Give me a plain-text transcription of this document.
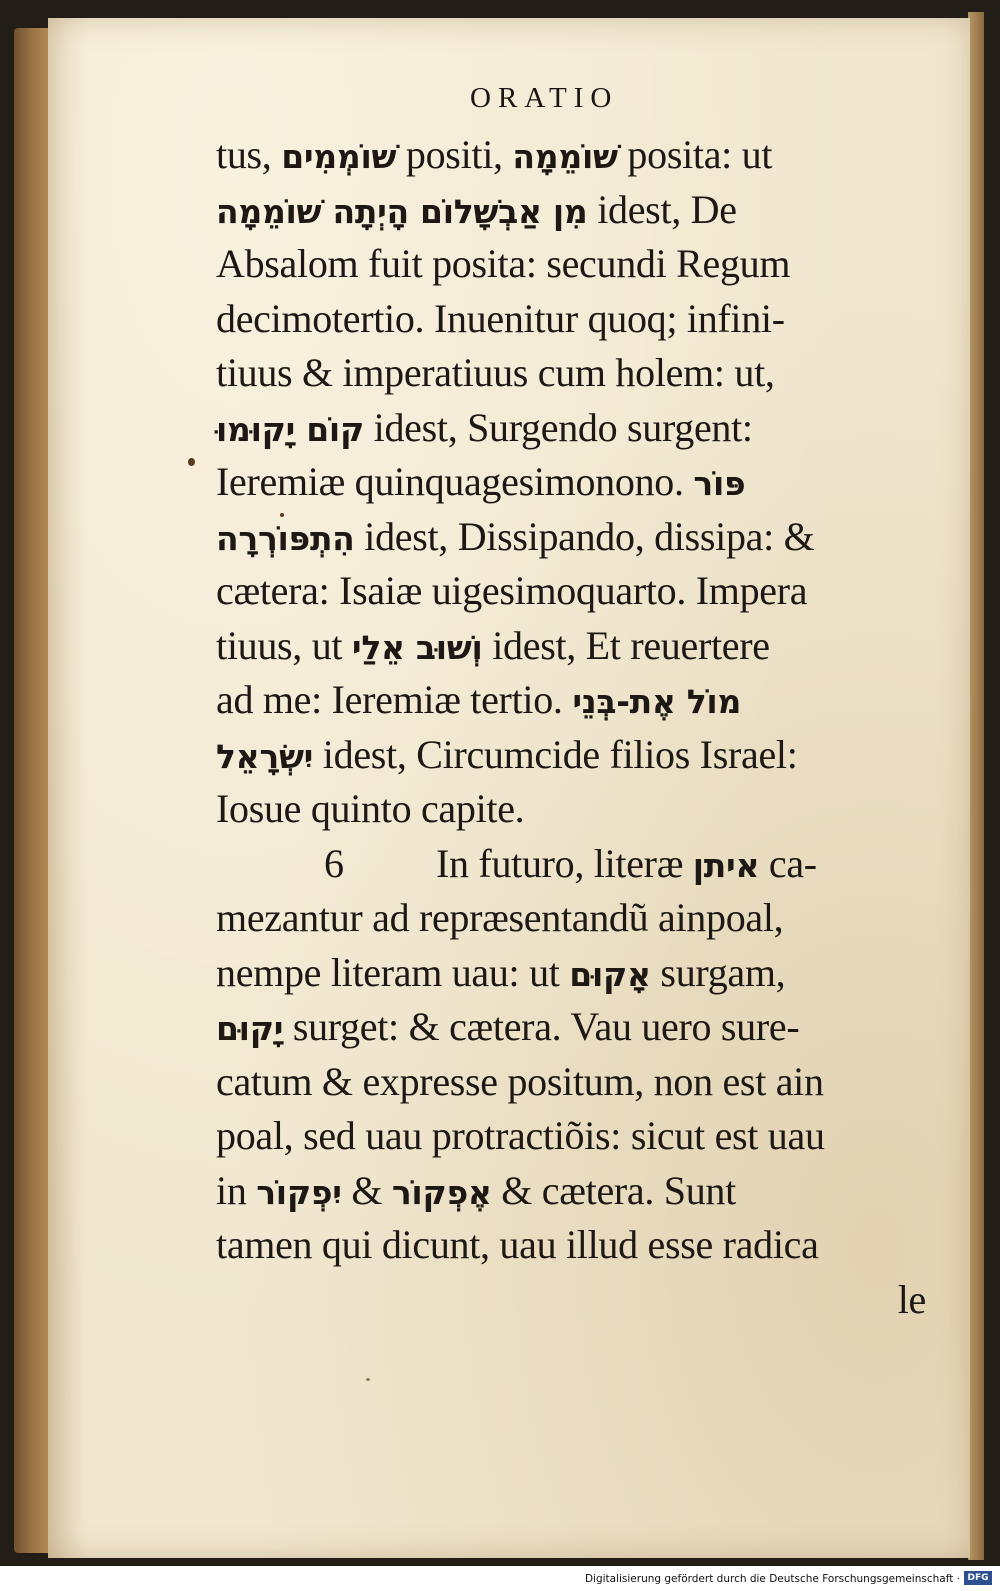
ORATIO
tus, שׁוֹמְמִים positi, שׁוֹמֵמָה posita: ut
מִן אַבְשָׁלוֹם הָיְתָה שׁוֹמֵמָה idest, De
Absalom fuit posita: secundi Regum
decimotertio. Inuenitur quoq; infini-
tiuus & imperatiuus cum holem: ut,
קוֹם יָקוּמוּ idest, Surgendo surgent:
Ieremiæ quinquagesimonono. פּוֹר
הִתְפּוֹרְרָה idest, Dissipando, dissipa: &
cætera: Isaiæ uigesimoquarto. Impera
tiuus, ut וְשׁוּב אֵלַי idest, Et reuertere
ad me: Ieremiæ tertio. מוֹל אֶת-בְּנֵי
יִשְׂרָאֵל idest, Circumcide filios Israel:
Iosue quinto capite.
6 In futuro, literæ איתן ca-
mezantur ad repræsentandũ ainpoal,
nempe literam uau: ut אָקוּם surgam,
יָקוּם surget: & cætera. Vau uero sure-
catum & expresse positum, non est ain
poal, sed uau protractiõis: sicut est uau
in יִפְקוֹר & אֶפְקוֹר & cætera. Sunt
tamen qui dicunt, uau illud esse radica
le
Digitalisierung gefördert durch die Deutsche Forschungsgemeinschaft · DFG
